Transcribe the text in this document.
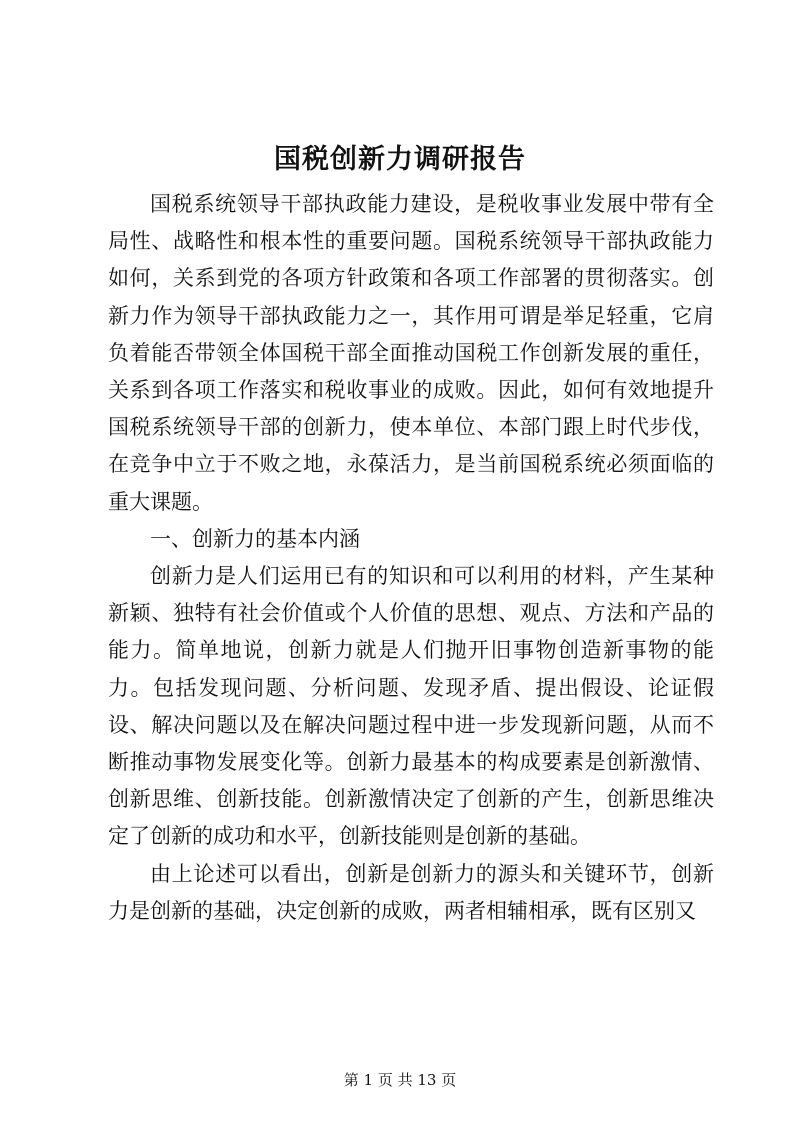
国税创新力调研报告

国税系统领导干部执政能力建设，是税收事业发展中带有全局性、战略性和根本性的重要问题。国税系统领导干部执政能力如何，关系到党的各项方针政策和各项工作部署的贯彻落实。创新力作为领导干部执政能力之一，其作用可谓是举足轻重，它肩负着能否带领全体国税干部全面推动国税工作创新发展的重任，关系到各项工作落实和税收事业的成败。因此，如何有效地提升国税系统领导干部的创新力，使本单位、本部门跟上时代步伐，在竞争中立于不败之地，永葆活力，是当前国税系统必须面临的重大课题。

一、创新力的基本内涵

创新力是人们运用已有的知识和可以利用的材料，产生某种新颖、独特有社会价值或个人价值的思想、观点、方法和产品的能力。简单地说，创新力就是人们抛开旧事物创造新事物的能力。包括发现问题、分析问题、发现矛盾、提出假设、论证假设、解决问题以及在解决问题过程中进一步发现新问题，从而不断推动事物发展变化等。创新力最基本的构成要素是创新激情、创新思维、创新技能。创新激情决定了创新的产生，创新思维决定了创新的成功和水平，创新技能则是创新的基础。

由上论述可以看出，创新是创新力的源头和关键环节，创新力是创新的基础，决定创新的成败，两者相辅相承，既有区别又

第 1 页 共 13 页
